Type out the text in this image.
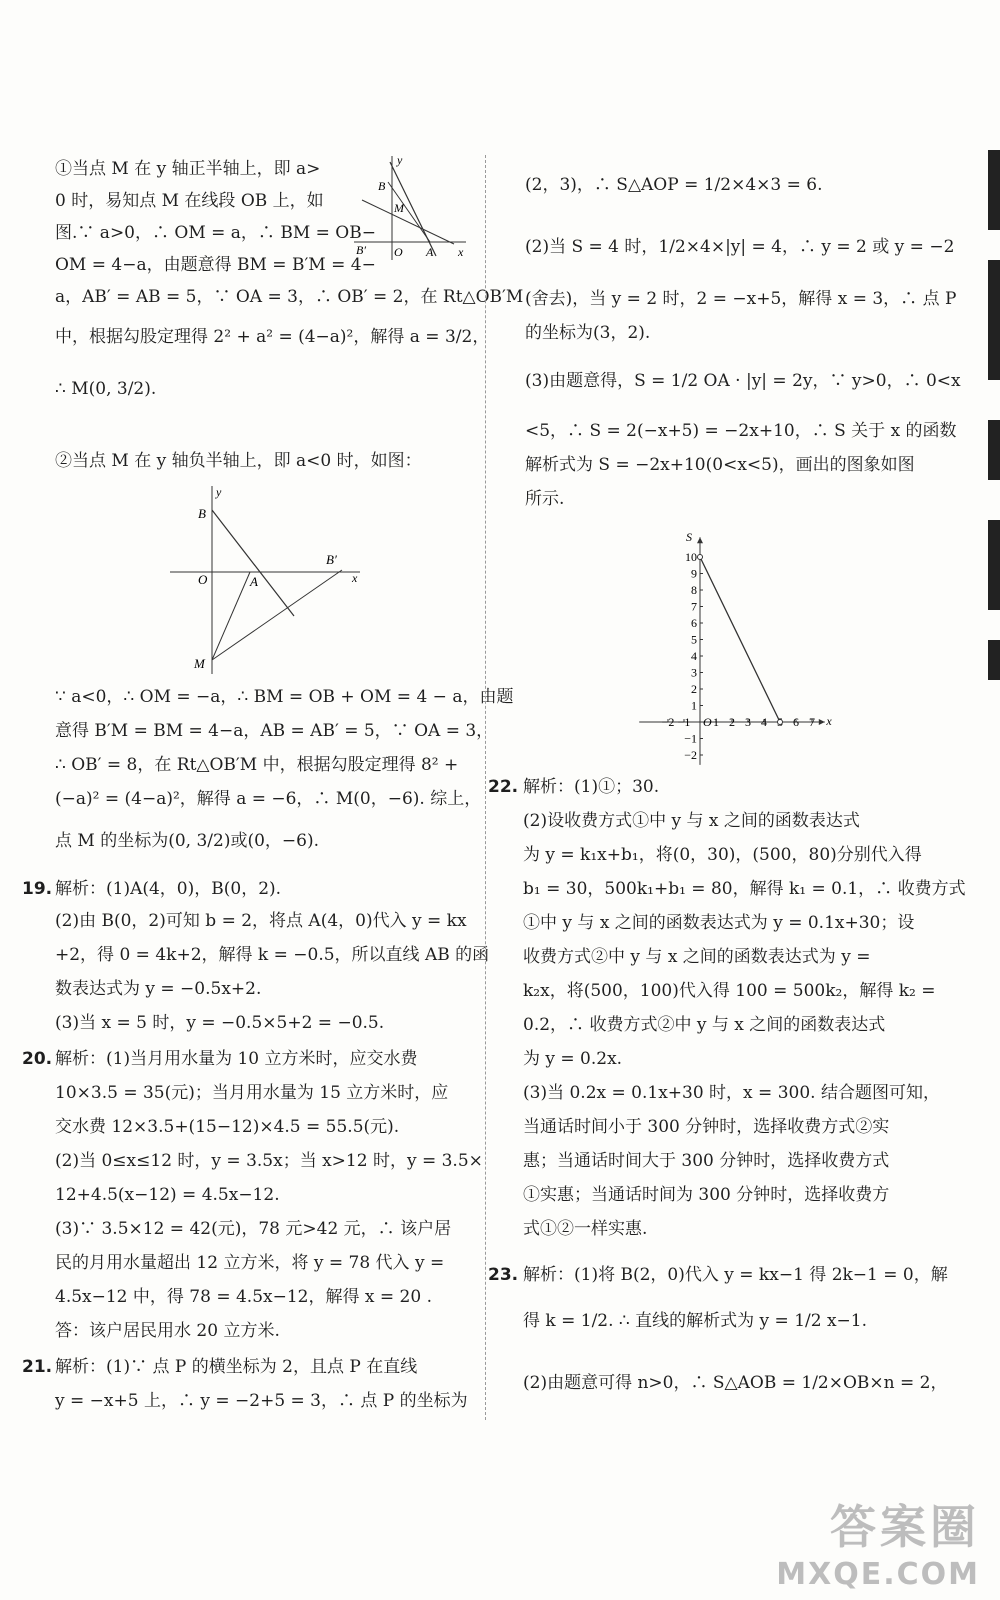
①当点 M 在 y 轴正半轴上，即 a>
0 时，易知点 M 在线段 OB 上，如
图.∵ a>0，∴ OM = a，∴ BM = OB−
OM = 4−a，由题意得 BM = B′M = 4−
a，AB′ = AB = 5，∵ OA = 3，∴ OB′ = 2，在 Rt△OB′M
中，根据勾股定理得 2² + a² = (4−a)²，解得 a = 3/2，
∴ M(0, 3/2).
y
B
M
B′ O A x
②当点 M 在 y 轴负半轴上，即 a<0 时，如图：
y
B
O	A
B′
x
M
∵ a<0，∴ OM = −a，∴ BM = OB + OM = 4 − a，由题
意得 B′M = BM = 4−a，AB = AB′ = 5，∵ OA = 3，
∴ OB′ = 8，在 Rt△OB′M 中，根据勾股定理得 8² +
(−a)² = (4−a)²，解得 a = −6，∴ M(0，−6). 综上，
点 M 的坐标为(0, 3/2)或(0，−6).
19. 解析：(1)A(4，0)，B(0，2).
(2)由 B(0，2)可知 b = 2，将点 A(4，0)代入 y = kx
+2，得 0 = 4k+2，解得 k = −0.5，所以直线 AB 的函
数表达式为 y = −0.5x+2.
(3)当 x = 5 时，y = −0.5×5+2 = −0.5.
20. 解析：(1)当月用水量为 10 立方米时，应交水费
10×3.5 = 35(元)；当月用水量为 15 立方米时，应
交水费 12×3.5+(15−12)×4.5 = 55.5(元).
(2)当 0≤x≤12 时，y = 3.5x；当 x>12 时，y = 3.5×
12+4.5(x−12) = 4.5x−12.
(3)∵ 3.5×12 = 42(元)，78 元>42 元，∴ 该户居
民的月用水量超出 12 立方米，将 y = 78 代入 y =
4.5x−12 中，得 78 = 4.5x−12，解得 x = 20 .
答：该户居民用水 20 立方米.
21. 解析：(1)∵ 点 P 的横坐标为 2，且点 P 在直线
y = −x+5 上，∴ y = −2+5 = 3，∴ 点 P 的坐标为
(2，3)，∴ S△AOP = 1/2×4×3 = 6.
(2)当 S = 4 时，1/2×4×|y| = 4，∴ y = 2 或 y = −2
(舍去)，当 y = 2 时，2 = −x+5，解得 x = 3，∴ 点 P
的坐标为(3，2).
(3)由题意得，S = 1/2 OA · |y| = 2y，∵ y>0，∴ 0<x
<5，∴ S = 2(−x+5) = −2x+10，∴ S 关于 x 的函数
解析式为 S = −2x+10(0<x<5)，画出的图象如图
所示.
10
9
8
7
6
5
4
3
2
1
−1
−2
−2 −1 1 2 3 4 6 7
O
S
x
22. 解析：(1)①；30.
(2)设收费方式①中 y 与 x 之间的函数表达式
为 y = k₁x+b₁，将(0，30)，(500，80)分别代入得
b₁ = 30，500k₁+b₁ = 80，解得 k₁ = 0.1，∴ 收费方式
①中 y 与 x 之间的函数表达式为 y = 0.1x+30；设
收费方式②中 y 与 x 之间的函数表达式为 y =
k₂x，将(500，100)代入得 100 = 500k₂，解得 k₂ =
0.2，∴ 收费方式②中 y 与 x 之间的函数表达式
为 y = 0.2x.
(3)当 0.2x = 0.1x+30 时，x = 300. 结合题图可知，
当通话时间小于 300 分钟时，选择收费方式②实
惠；当通话时间大于 300 分钟时，选择收费方式
①实惠；当通话时间为 300 分钟时，选择收费方
式①②一样实惠.
23. 解析：(1)将 B(2，0)代入 y = kx−1 得 2k−1 = 0，解
得 k = 1/2. ∴ 直线的解析式为 y = 1/2 x−1.
(2)由题意可得 n>0，∴ S△AOB = 1/2×OB×n = 2，
答案圈
MXQE.COM
